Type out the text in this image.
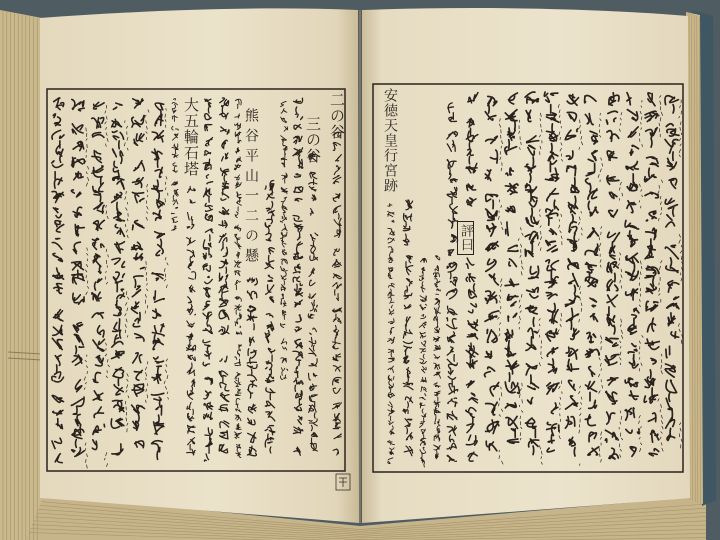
二の谷
三の谷
熊谷平山一二の懸
大五輪石塔	安徳天皇行宮跡
評曰
